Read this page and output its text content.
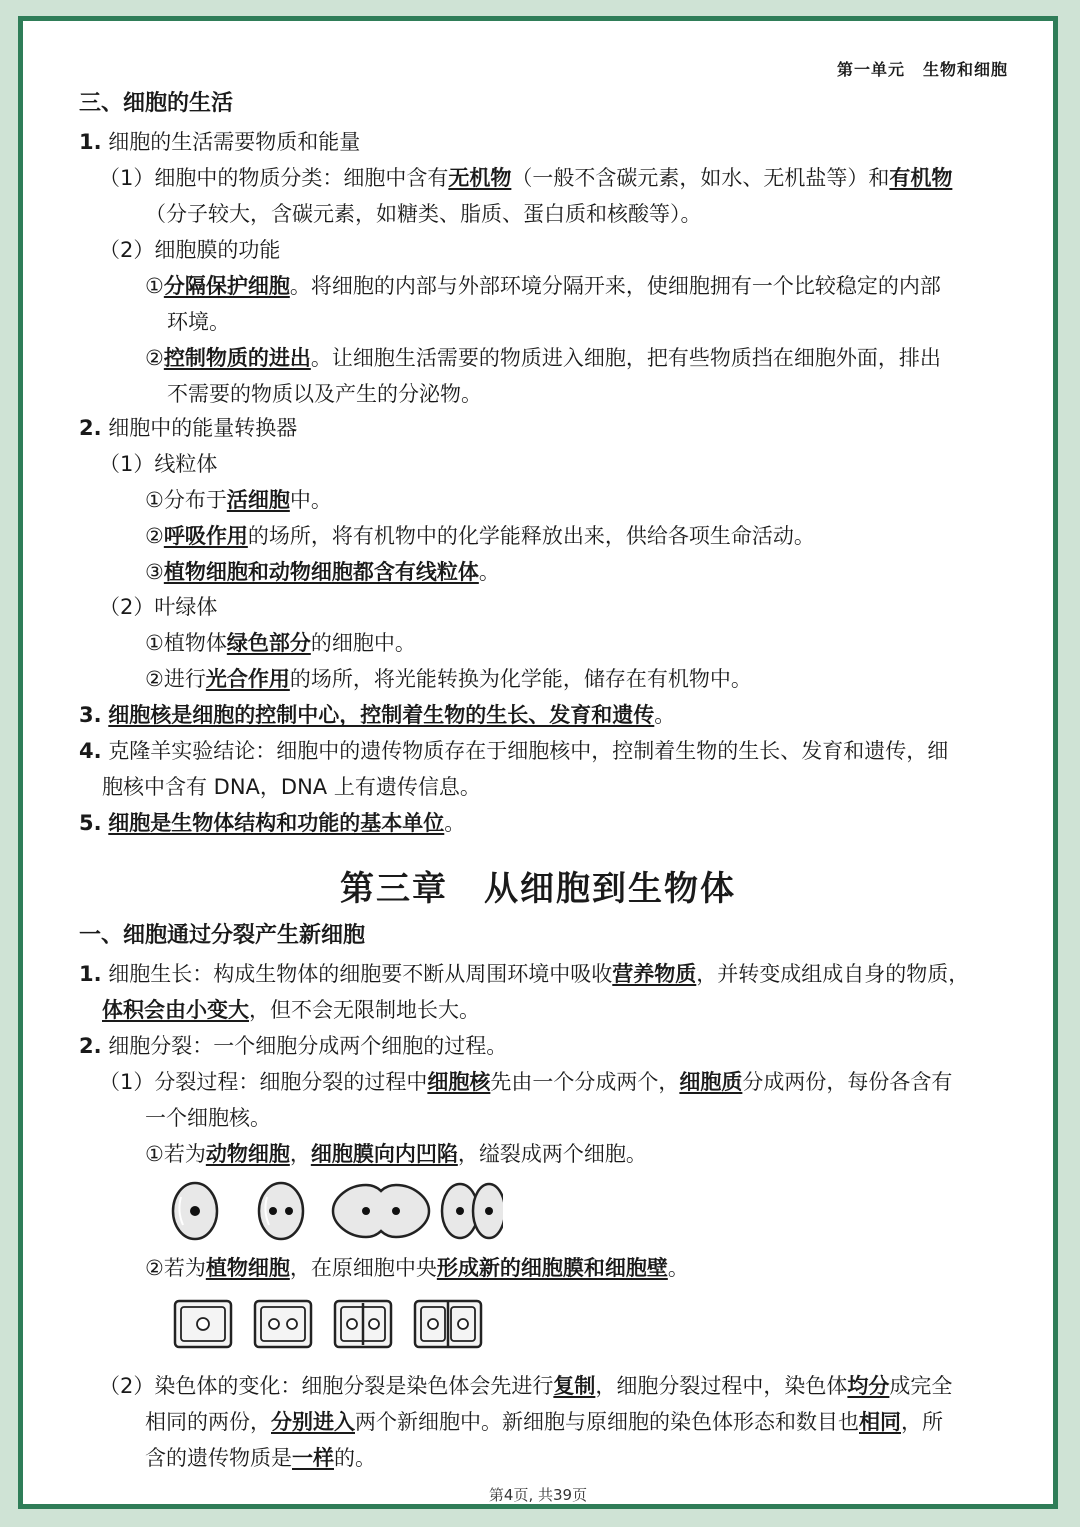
第一单元 生物和细胞
三、细胞的生活
1. 细胞的生活需要物质和能量
（1）细胞中的物质分类：细胞中含有无机物（一般不含碳元素，如水、无机盐等）和有机物
（分子较大，含碳元素，如糖类、脂质、蛋白质和核酸等）。
（2）细胞膜的功能
①分隔保护细胞。将细胞的内部与外部环境分隔开来，使细胞拥有一个比较稳定的内部
环境。
②控制物质的进出。让细胞生活需要的物质进入细胞，把有些物质挡在细胞外面，排出
不需要的物质以及产生的分泌物。
2. 细胞中的能量转换器
（1）线粒体
①分布于活细胞中。
②呼吸作用的场所，将有机物中的化学能释放出来，供给各项生命活动。
③植物细胞和动物细胞都含有线粒体。
（2）叶绿体
①植物体绿色部分的细胞中。
②进行光合作用的场所，将光能转换为化学能，储存在有机物中。
3. 细胞核是细胞的控制中心，控制着生物的生长、发育和遗传。
4. 克隆羊实验结论：细胞中的遗传物质存在于细胞核中，控制着生物的生长、发育和遗传，细
胞核中含有 DNA，DNA 上有遗传信息。
5. 细胞是生物体结构和功能的基本单位。
第三章　从细胞到生物体
一、细胞通过分裂产生新细胞
1. 细胞生长：构成生物体的细胞要不断从周围环境中吸收营养物质，并转变成组成自身的物质，
体积会由小变大，但不会无限制地长大。
2. 细胞分裂：一个细胞分成两个细胞的过程。
（1）分裂过程：细胞分裂的过程中细胞核先由一个分成两个，细胞质分成两份，每份各含有
一个细胞核。
①若为动物细胞，细胞膜向内凹陷，缢裂成两个细胞。
②若为植物细胞，在原细胞中央形成新的细胞膜和细胞壁。
（2）染色体的变化：细胞分裂是染色体会先进行复制，细胞分裂过程中，染色体均分成完全
相同的两份，分别进入两个新细胞中。新细胞与原细胞的染色体形态和数目也相同，所
含的遗传物质是一样的。
第4页, 共39页
